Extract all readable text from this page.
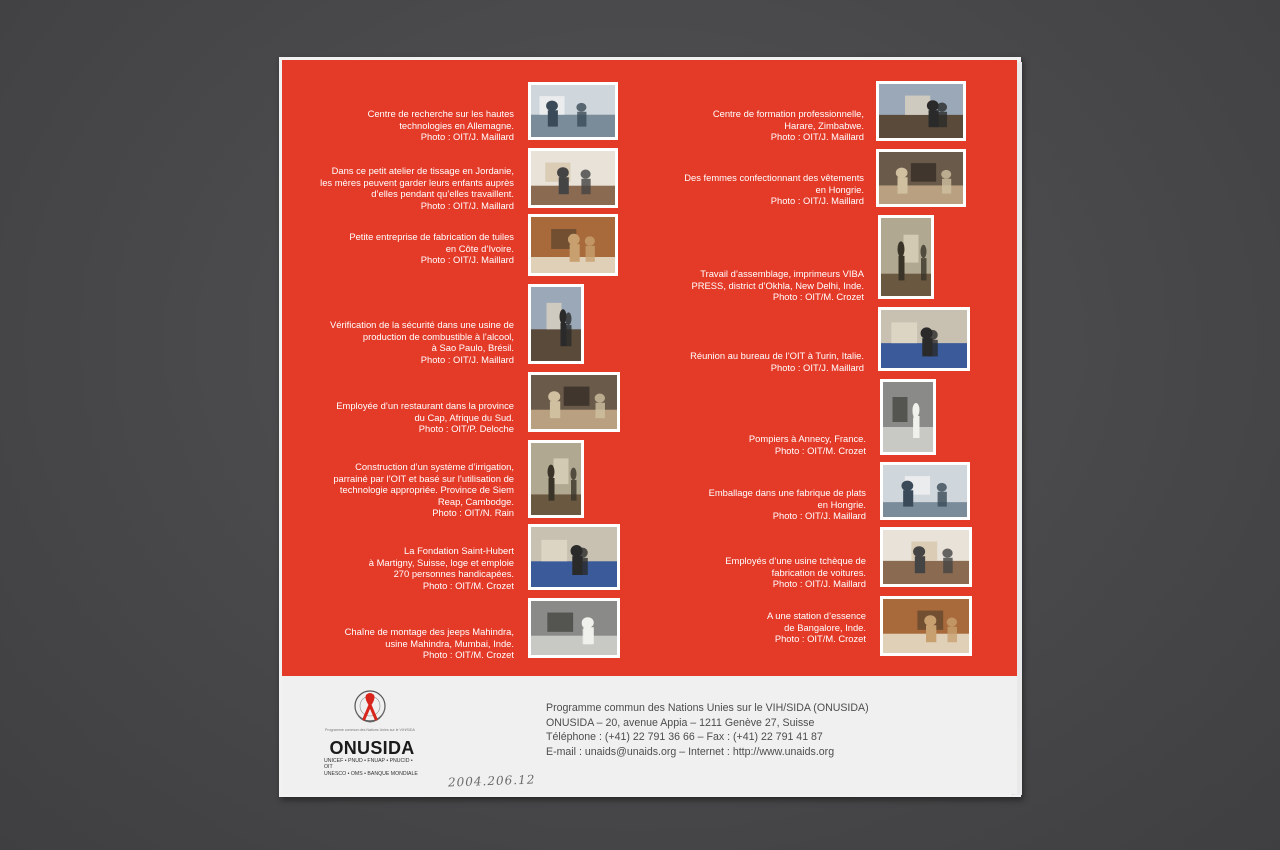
Centre de recherche sur les hautes
technologies en Allemagne.
Photo : OIT/J. Maillard
Dans ce petit atelier de tissage en Jordanie,
les mères peuvent garder leurs enfants auprès
d’elles pendant qu’elles travaillent.
Photo : OIT/J. Maillard
Petite entreprise de fabrication de tuiles
en Côte d’Ivoire.
Photo : OIT/J. Maillard
Vérification de la sécurité dans une usine de
production de combustible à l’alcool,
à Sao Paulo, Brésil.
Photo : OIT/J. Maillard
Employée d’un restaurant dans la province
du Cap, Afrique du Sud.
Photo : OIT/P. Deloche
Construction d’un système d’irrigation,
parrainé par l’OIT et basé sur l’utilisation de
technologie appropriée. Province de Siem
Reap, Cambodge.
Photo : OIT/N. Rain
La Fondation Saint-Hubert
à Martigny, Suisse, loge et emploie
270 personnes handicapées.
Photo : OIT/M. Crozet
Chaîne de montage des jeeps Mahindra,
usine Mahindra, Mumbai, Inde.
Photo : OIT/M. Crozet
Centre de formation professionnelle,
Harare, Zimbabwe.
Photo : OIT/J. Maillard
Des femmes confectionnant des vêtements
en Hongrie.
Photo : OIT/J. Maillard
Travail d’assemblage, imprimeurs VIBA
PRESS, district d’Okhla, New Delhi, Inde.
Photo : OIT/M. Crozet
Réunion au bureau de l’OIT à Turin, Italie.
Photo : OIT/J. Maillard
Pompiers à Annecy, France.
Photo : OIT/M. Crozet
Emballage dans une fabrique de plats
en Hongrie.
Photo : OIT/J. Maillard
Employés d’une usine tchèque de
fabrication de voitures.
Photo : OIT/J. Maillard
A une station d’essence
de Bangalore, Inde.
Photo : OIT/M. Crozet
Programme commun des Nations Unies sur le VIH/SIDA
ONUSIDA
UNICEF • PNUD • FNUAP • PNUCID • OIT
UNESCO • OMS • BANQUE MONDIALE
Programme commun des Nations Unies sur le VIH/SIDA (ONUSIDA)
ONUSIDA – 20, avenue Appia – 1211 Genève 27, Suisse
Téléphone : (+41) 22 791 36 66 – Fax : (+41) 22 791 41 87
E-mail : unaids@unaids.org – Internet : http://www.unaids.org
2004.206.12
